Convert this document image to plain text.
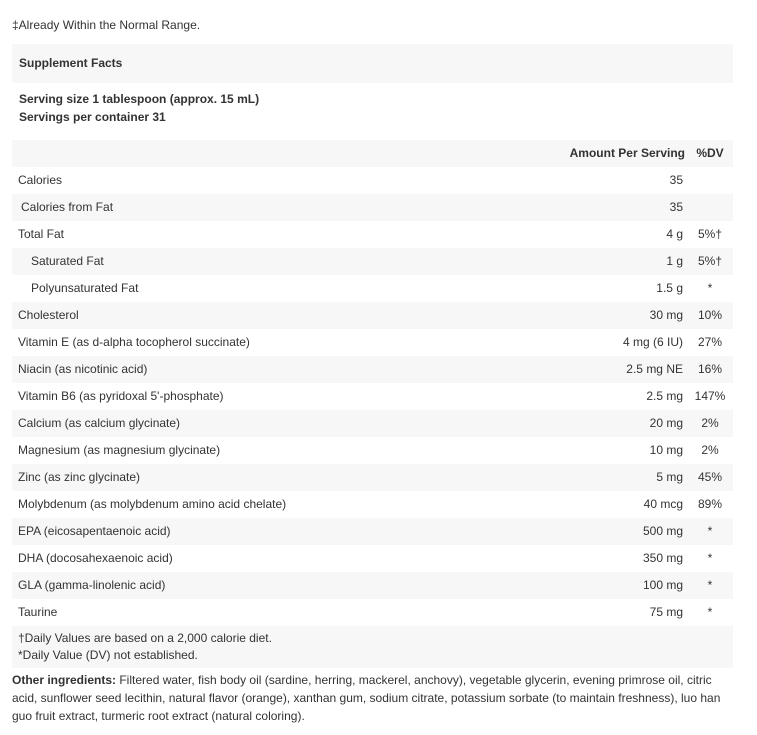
‡Already Within the Normal Range.
Supplement Facts
Serving size 1 tablespoon (approx. 15 mL)
Servings per container 31
Amount Per Serving %DV
Calories	35
Calories from Fat	35
Total Fat	4 g	5%†
Saturated Fat	1 g	5%†
Polyunsaturated Fat	1.5 g	*
Cholesterol	30 mg	10%
Vitamin E (as d-alpha tocopherol succinate)	4 mg (6 IU)	27%
Niacin (as nicotinic acid)	2.5 mg NE	16%
Vitamin B6 (as pyridoxal 5'-phosphate)	2.5 mg 147%
Calcium (as calcium glycinate)	20 mg	2%
Magnesium (as magnesium glycinate)	10 mg	2%
Zinc (as zinc glycinate)	5 mg	45%
Molybdenum (as molybdenum amino acid chelate)	40 mcg	89%
EPA (eicosapentaenoic acid)	500 mg	*
DHA (docosahexaenoic acid)	350 mg	*
GLA (gamma-linolenic acid)	100 mg	*
Taurine	75 mg	*
†Daily Values are based on a 2,000 calorie diet.
*Daily Value (DV) not established.
Other ingredients: Filtered water, fish body oil (sardine, herring, mackerel, anchovy), vegetable glycerin, evening primrose oil, citric acid, sunflower seed lecithin, natural flavor (orange), xanthan gum, sodium citrate, potassium sorbate (to maintain freshness), luo han guo fruit extract, turmeric root extract (natural coloring).
